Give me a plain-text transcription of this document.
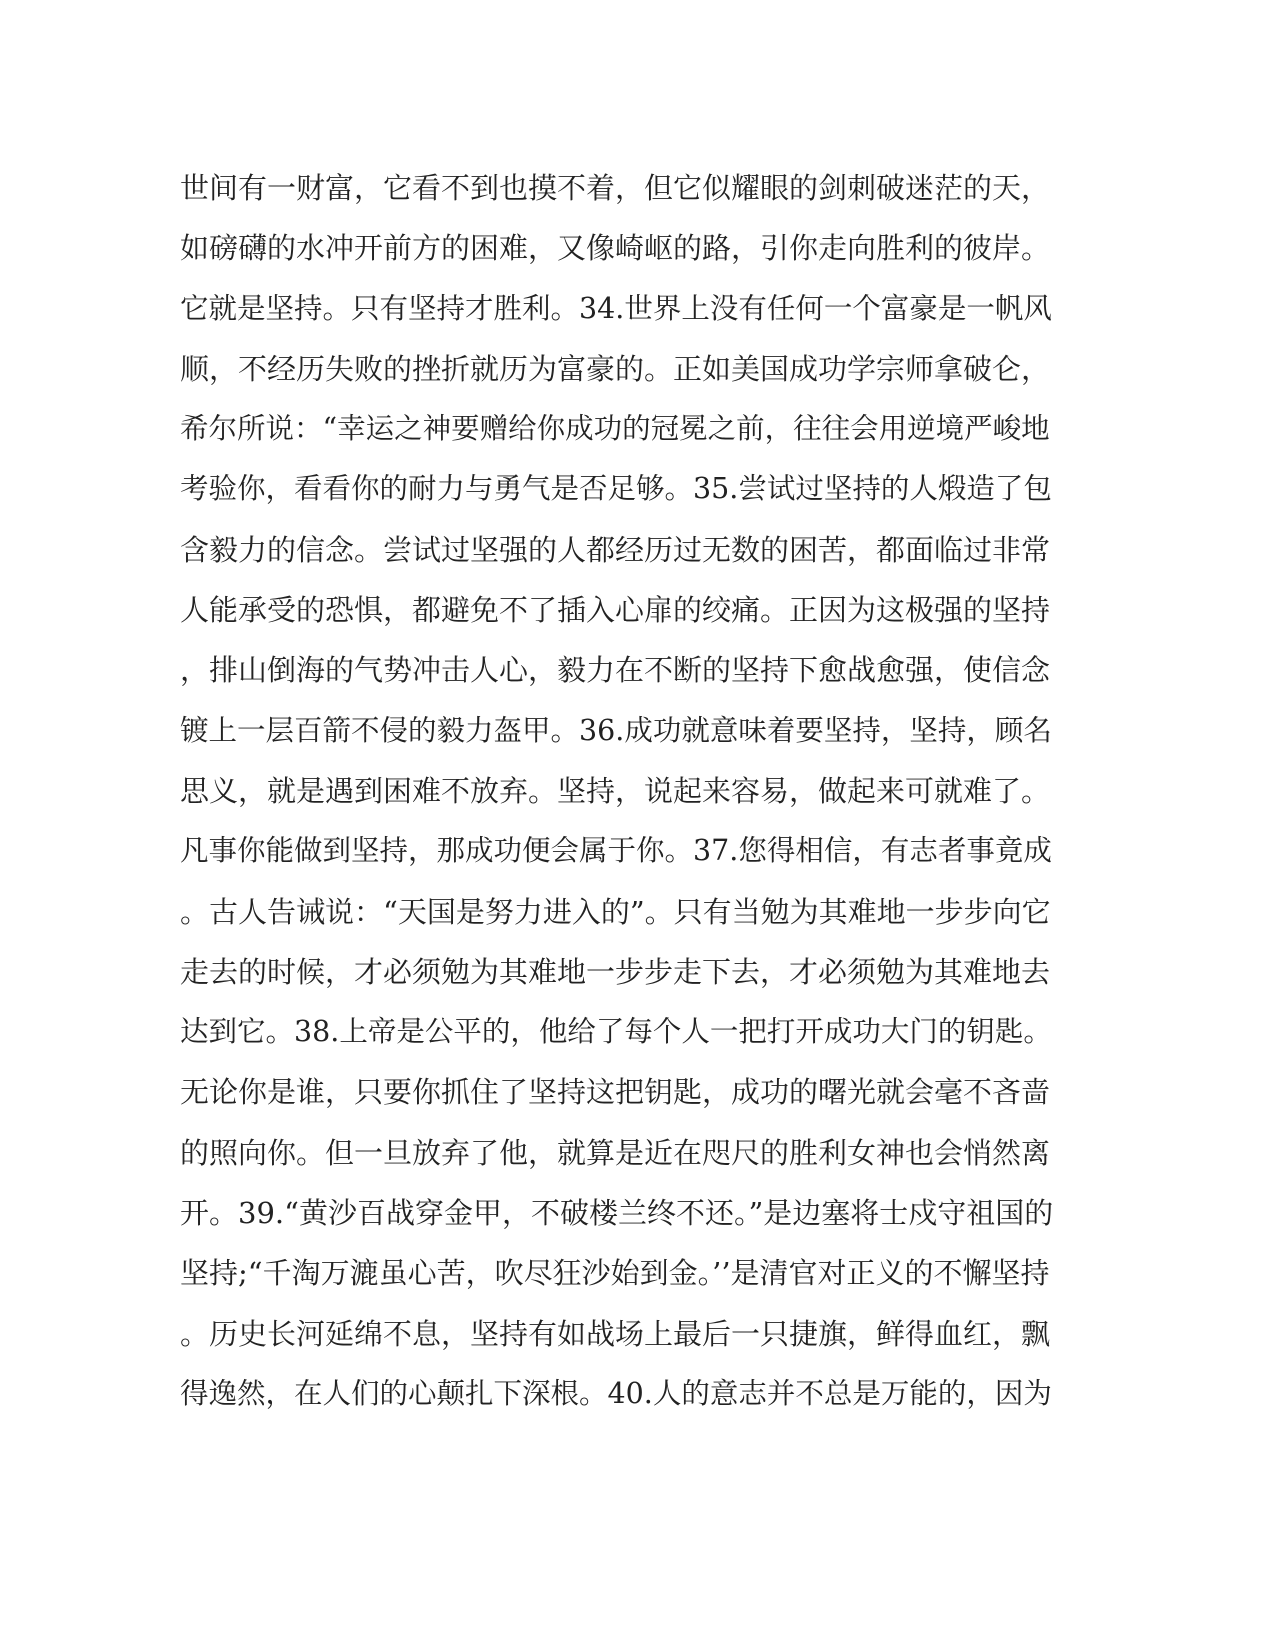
世间有一财富，它看不到也摸不着，但它似耀眼的剑刺破迷茫的天，
如磅礴的水冲开前方的困难，又像崎岖的路，引你走向胜利的彼岸。
它就是坚持。只有坚持才胜利。34.世界上没有任何一个富豪是一帆风
顺，不经历失败的挫折就历为富豪的。正如美国成功学宗师拿破仑，
希尔所说：“幸运之神要赠给你成功的冠冕之前，往往会用逆境严峻地
考验你，看看你的耐力与勇气是否足够。35.尝试过坚持的人煅造了包
含毅力的信念。尝试过坚强的人都经历过无数的困苦，都面临过非常
人能承受的恐惧，都避免不了插入心扉的绞痛。正因为这极强的坚持
，排山倒海的气势冲击人心，毅力在不断的坚持下愈战愈强，使信念
镀上一层百箭不侵的毅力盔甲。36.成功就意味着要坚持，坚持，顾名
思义，就是遇到困难不放弃。坚持，说起来容易，做起来可就难了。
凡事你能做到坚持，那成功便会属于你。37.您得相信，有志者事竟成
。古人告诫说：“天国是努力进入的”。只有当勉为其难地一步步向它
走去的时候，才必须勉为其难地一步步走下去，才必须勉为其难地去
达到它。38.上帝是公平的，他给了每个人一把打开成功大门的钥匙。
无论你是谁，只要你抓住了坚持这把钥匙，成功的曙光就会毫不吝啬
的照向你。但一旦放弃了他，就算是近在咫尺的胜利女神也会悄然离
开。39.“黄沙百战穿金甲，不破楼兰终不还。”是边塞将士戍守祖国的
坚持;“千淘万漉虽心苦，吹尽狂沙始到金。’’是清官对正义的不懈坚持
。历史长河延绵不息，坚持有如战场上最后一只捷旗，鲜得血红，飘
得逸然，在人们的心颠扎下深根。40.人的意志并不总是万能的，因为
